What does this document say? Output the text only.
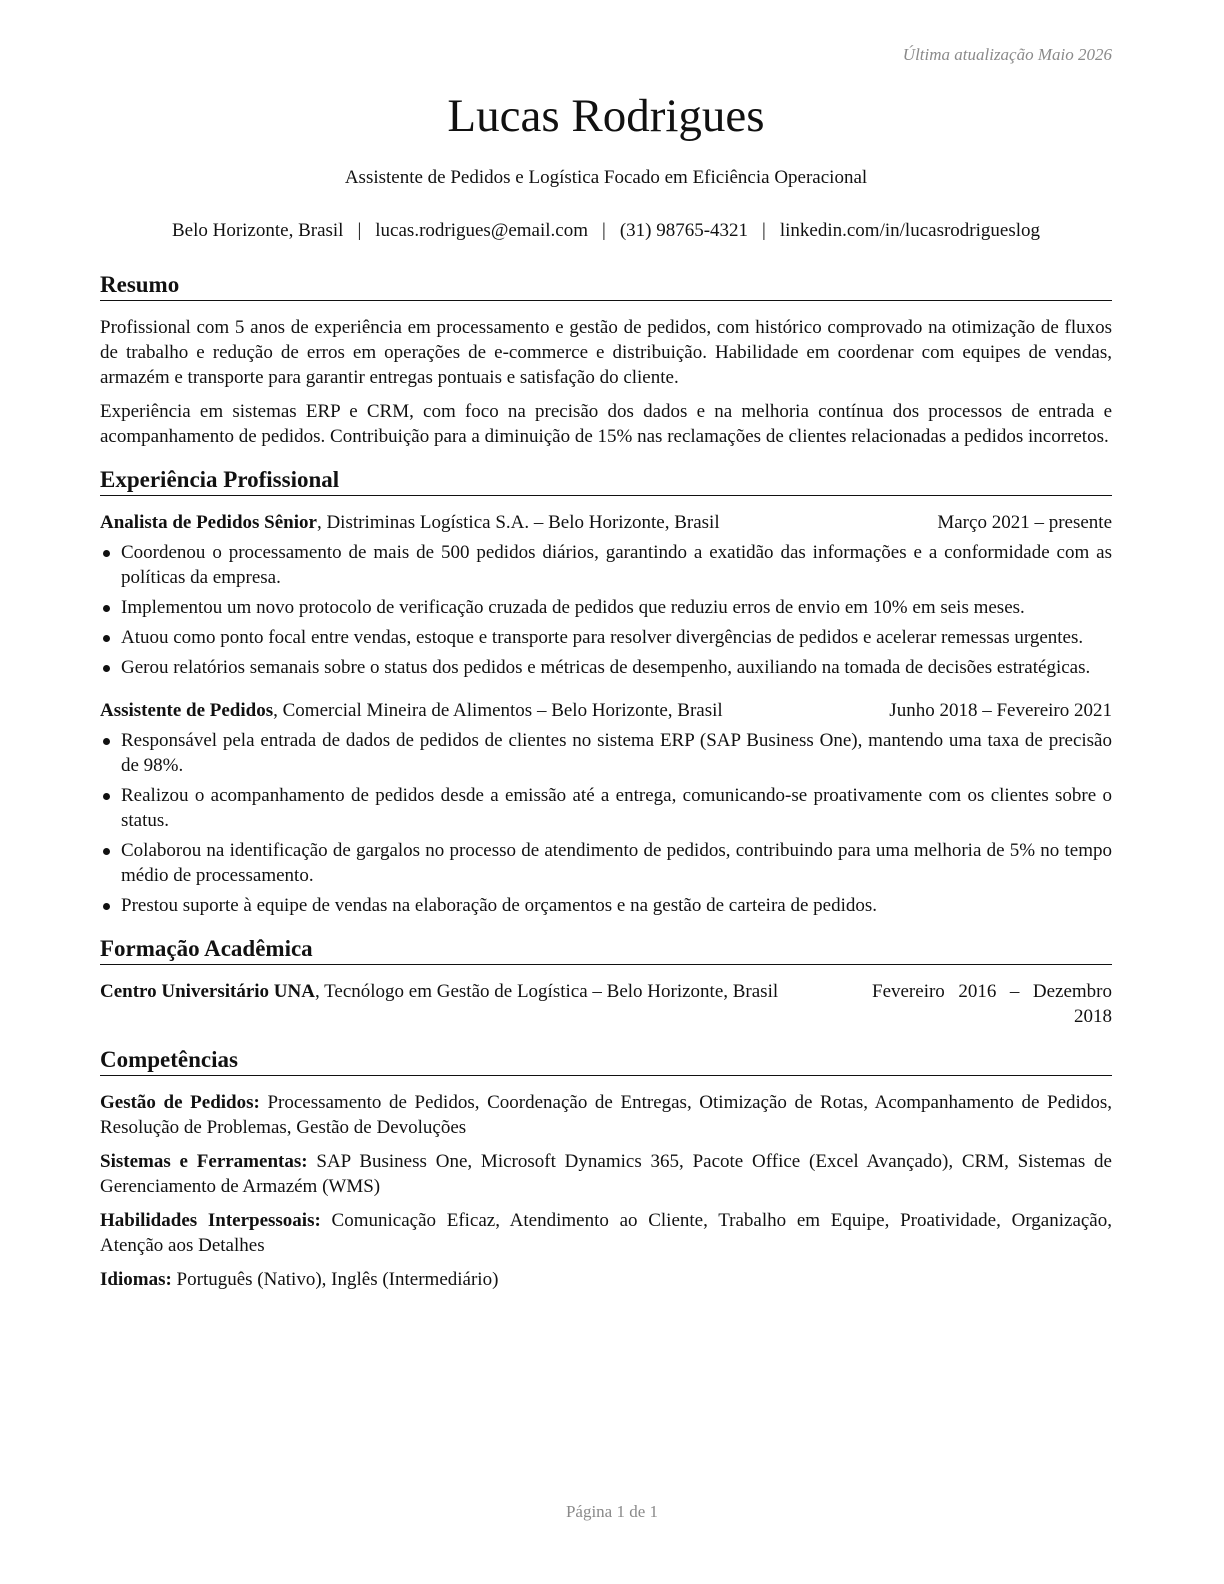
Última atualização Maio 2026
Lucas Rodrigues
Assistente de Pedidos e Logística Focado em Eficiência Operacional
Belo Horizonte, Brasil | lucas.rodrigues@email.com | (31) 98765-4321 | linkedin.com/in/lucasrodrigueslog
Resumo

Profissional com 5 anos de experiência em processamento e gestão de pedidos, com histórico comprovado na otimização de fluxos de trabalho e redução de erros em operações de e-commerce e distribuição. Habilidade em coordenar com equipes de vendas, armazém e transporte para garantir entregas pontuais e satisfação do cliente.

Experiência em sistemas ERP e CRM, com foco na precisão dos dados e na melhoria contínua dos processos de entrada e acompanhamento de pedidos. Contribuição para a diminuição de 15% nas reclamações de clientes relacionadas a pedidos incorretos.

Experiência Profissional
Analista de Pedidos Sênior, Distriminas Logística S.A. – Belo Horizonte, Brasil	Março 2021 – presente
Coordenou o processamento de mais de 500 pedidos diários, garantindo a exatidão das informações e a conformidade com as políticas da empresa.
Implementou um novo protocolo de verificação cruzada de pedidos que reduziu erros de envio em 10% em seis meses.
Atuou como ponto focal entre vendas, estoque e transporte para resolver divergências de pedidos e acelerar remessas urgentes.
Gerou relatórios semanais sobre o status dos pedidos e métricas de desempenho, auxiliando na tomada de decisões estratégicas.
Assistente de Pedidos, Comercial Mineira de Alimentos – Belo Horizonte, Brasil	Junho 2018 – Fevereiro 2021
Responsável pela entrada de dados de pedidos de clientes no sistema ERP (SAP Business One), mantendo uma taxa de precisão de 98%.
Realizou o acompanhamento de pedidos desde a emissão até a entrega, comunicando-se proativamente com os clientes sobre o status.
Colaborou na identificação de gargalos no processo de atendimento de pedidos, contribuindo para uma melhoria de 5% no tempo médio de processamento.
Prestou suporte à equipe de vendas na elaboração de orçamentos e na gestão de carteira de pedidos.
Formação Acadêmica
Centro Universitário UNA, Tecnólogo em Gestão de Logística – Belo Horizonte, Brasil	Fevereiro 2016 – Dezembro 2018
Competências
Gestão de Pedidos: Processamento de Pedidos, Coordenação de Entregas, Otimização de Rotas, Acompanhamento de Pedidos, Resolução de Problemas, Gestão de Devoluções
Sistemas e Ferramentas: SAP Business One, Microsoft Dynamics 365, Pacote Office (Excel Avançado), CRM, Sistemas de Gerenciamento de Armazém (WMS)
Habilidades Interpessoais: Comunicação Eficaz, Atendimento ao Cliente, Trabalho em Equipe, Proatividade, Organização, Atenção aos Detalhes
Idiomas: Português (Nativo), Inglês (Intermediário)
Página 1 de 1
